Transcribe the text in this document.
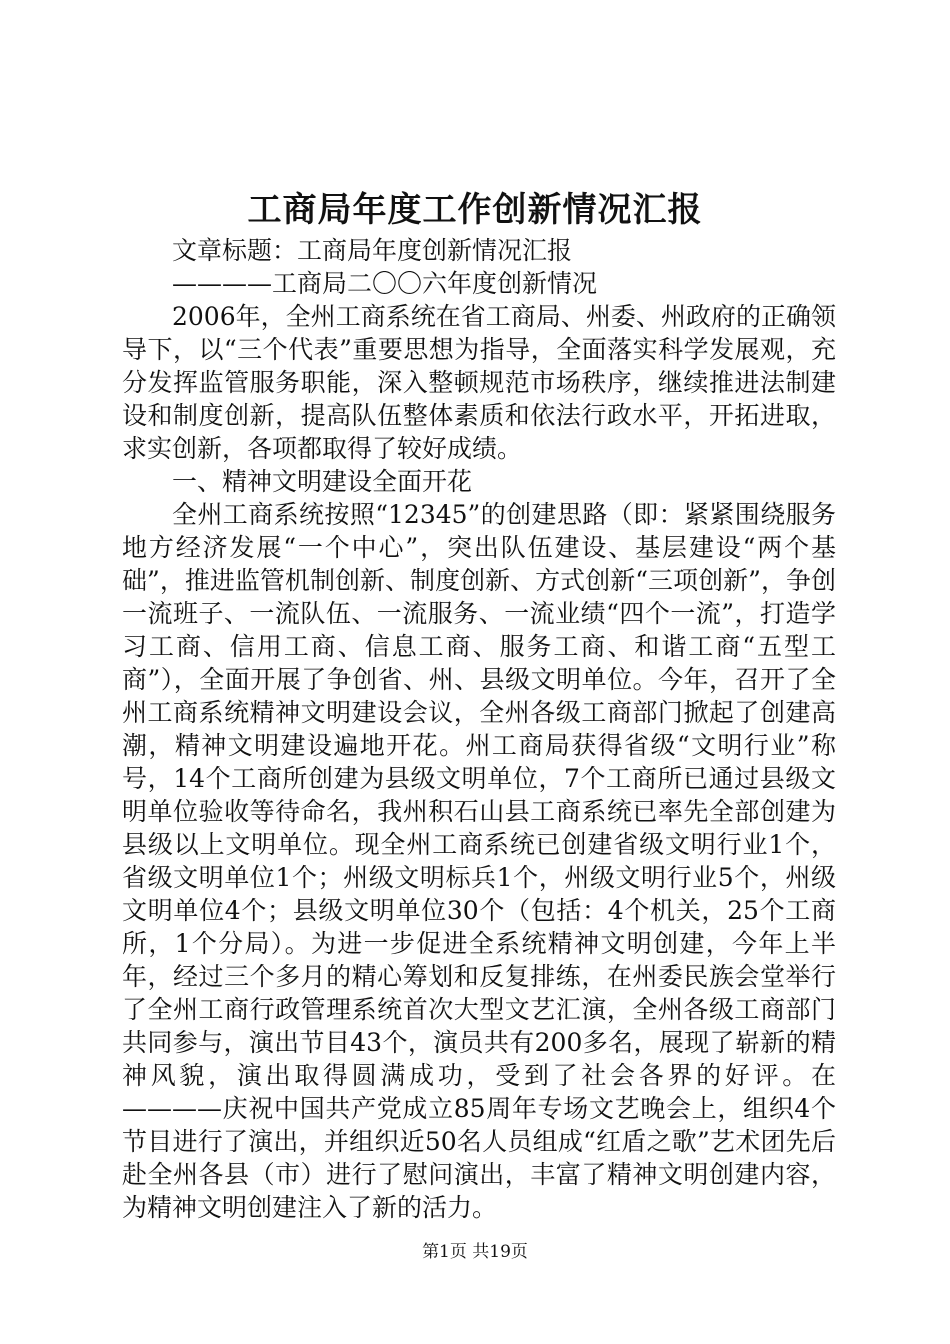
工商局年度工作创新情况汇报

文章标题：工商局年度创新情况汇报

————工商局二〇〇六年度创新情况

2006年，全州工商系统在省工商局、州委、州政府的正确领导下，以“三个代表”重要思想为指导，全面落实科学发展观，充分发挥监管服务职能，深入整顿规范市场秩序，继续推进法制建设和制度创新，提高队伍整体素质和依法行政水平，开拓进取，求实创新，各项都取得了较好成绩。

一、精神文明建设全面开花

全州工商系统按照“12345”的创建思路（即：紧紧围绕服务地方经济发展“一个中心”，突出队伍建设、基层建设“两个基础”，推进监管机制创新、制度创新、方式创新“三项创新”，争创一流班子、一流队伍、一流服务、一流业绩“四个一流”，打造学习工商、信用工商、信息工商、服务工商、和谐工商“五型工商”），全面开展了争创省、州、县级文明单位。今年，召开了全州工商系统精神文明建设会议，全州各级工商部门掀起了创建高潮，精神文明建设遍地开花。州工商局获得省级“文明行业”称号，14个工商所创建为县级文明单位，7个工商所已通过县级文明单位验收等待命名，我州积石山县工商系统已率先全部创建为县级以上文明单位。现全州工商系统已创建省级文明行业1个，省级文明单位1个；州级文明标兵1个，州级文明行业5个，州级文明单位4个；县级文明单位30个（包括：4个机关，25个工商所，1个分局）。为进一步促进全系统精神文明创建，今年上半年，经过三个多月的精心筹划和反复排练，在州委民族会堂举行了全州工商行政管理系统首次大型文艺汇演，全州各级工商部门共同参与，演出节目43个，演员共有200多名，展现了崭新的精神风貌，演出取得圆满成功，受到了社会各界的好评。在————庆祝中国共产党成立85周年专场文艺晚会上，组织4个节目进行了演出，并组织近50名人员组成“红盾之歌”艺术团先后赴全州各县（市）进行了慰问演出，丰富了精神文明创建内容，为精神文明创建注入了新的活力。

第1页 共19页
